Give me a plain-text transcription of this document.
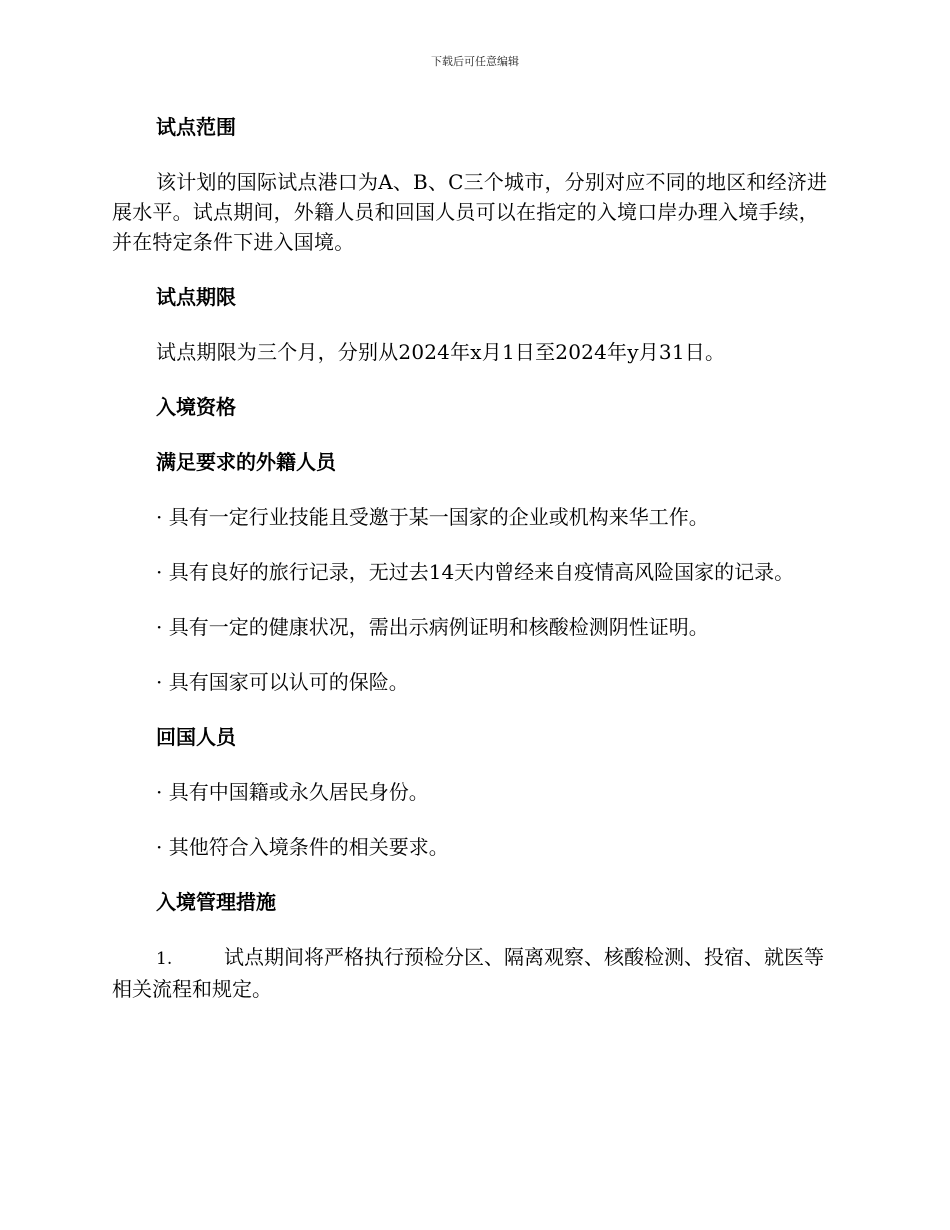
下载后可任意编辑
试点范围
该计划的国际试点港口为A、B、C三个城市，分别对应不同的地区和经济进展水平。试点期间，外籍人员和回国人员可以在指定的入境口岸办理入境手续，并在特定条件下进入国境。
试点期限
试点期限为三个月，分别从2024年x月1日至2024年y月31日。
入境资格
满足要求的外籍人员
· 具有一定行业技能且受邀于某一国家的企业或机构来华工作。
· 具有良好的旅行记录，无过去14天内曾经来自疫情高风险国家的记录。
· 具有一定的健康状况，需出示病例证明和核酸检测阴性证明。
· 具有国家可以认可的保险。
回国人员
· 具有中国籍或永久居民身份。
· 其他符合入境条件的相关要求。
入境管理措施
1.	试点期间将严格执行预检分区、隔离观察、核酸检测、投宿、就医等相关流程和规定。
